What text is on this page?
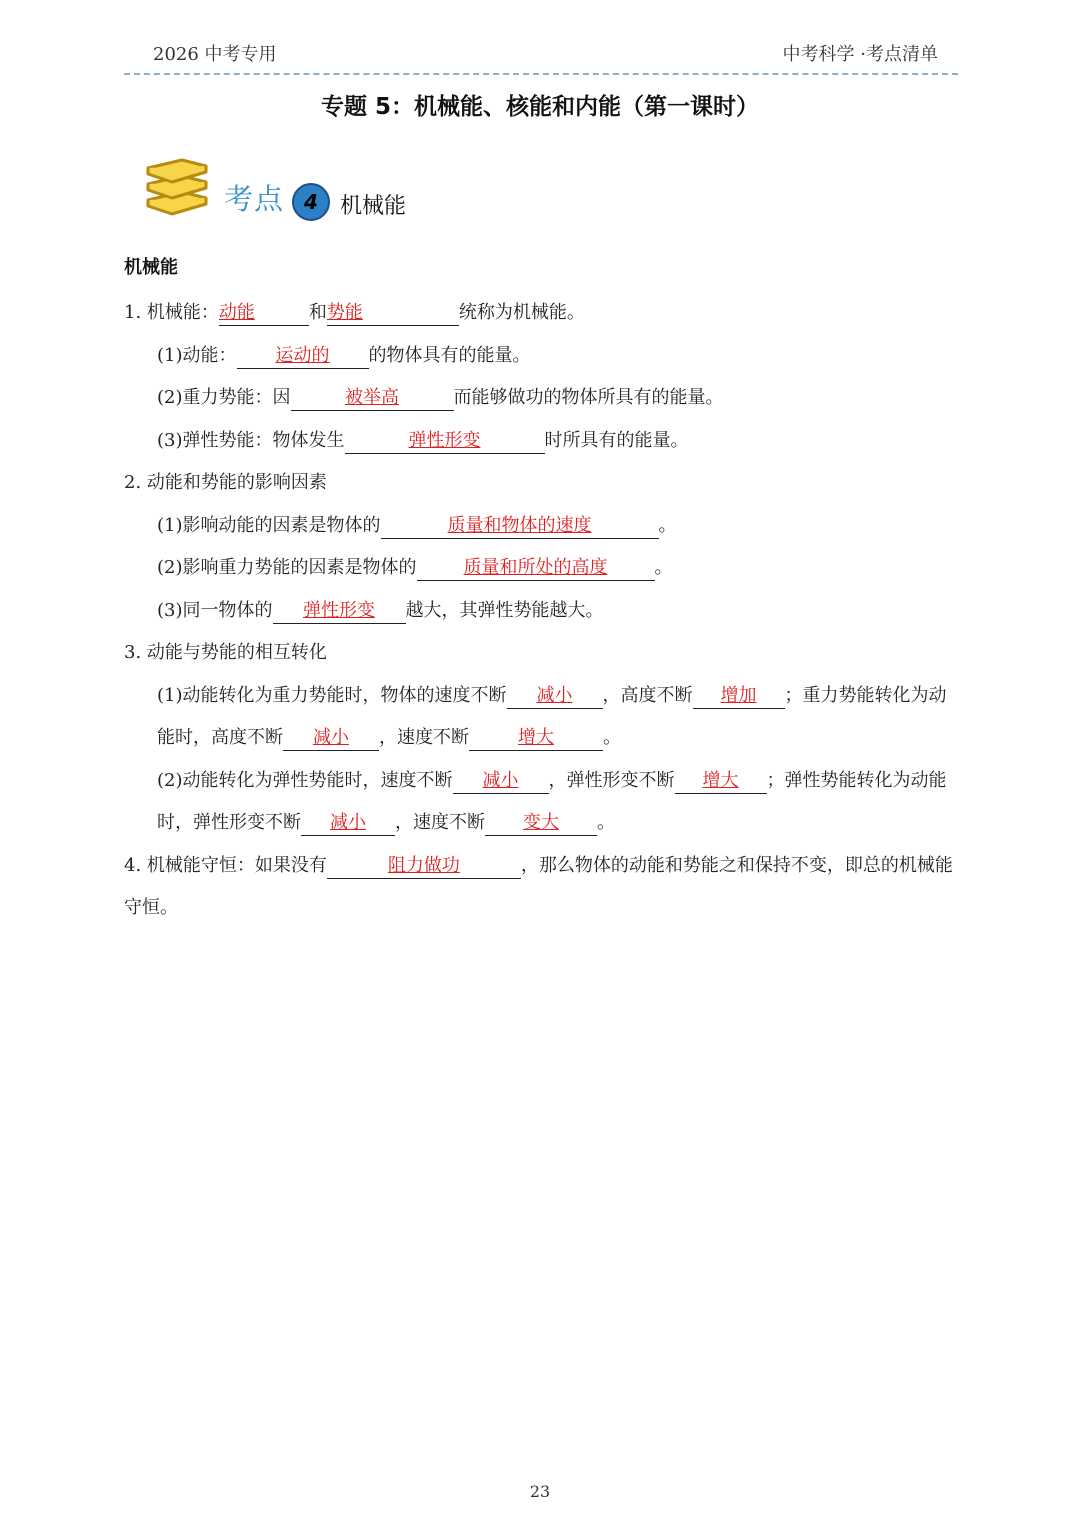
2026 中考专用	中考科学 ·考点清单
专题 5：机械能、核能和内能（第一课时）
考点	4	机械能
机械能

1. 机械能：动能	和势能	统称为机械能。

(1)动能： 运动的 的物体具有的能量。

(2)重力势能：因	被举高	而能够做功的物体所具有的能量。

(3)弹性势能：物体发生	弹性形变	时所具有的能量。

2. 动能和势能的影响因素

(1)影响动能的因素是物体的	质量和物体的速度	。

(2)影响重力势能的因素是物体的	质量和所处的高度	。

(3)同一物体的 弹性形变 越大，其弹性势能越大。

3. 动能与势能的相互转化

(1)动能转化为重力势能时，物体的速度不断 减小 ，高度不断 增加 ；重力势能转化为动能时，高度不断 减小 ，速度不断	增大	。

(2)动能转化为弹性势能时，速度不断 减小 ，弹性形变不断 增大 ；弹性势能转化为动能时，弹性形变不断 减小 ，速度不断 变大 。

4. 机械能守恒：如果没有	阻力做功	，那么物体的动能和势能之和保持不变，即总的机械能守恒。

23
